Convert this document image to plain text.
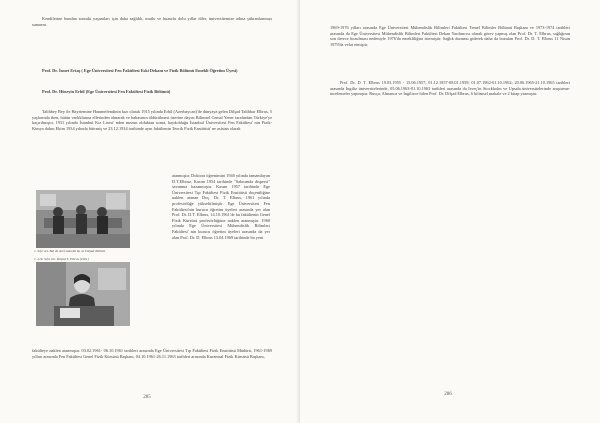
Kendilerine bundan sonraki yaşamları için daha sağlıklı, mutlu ve huzurlu dolu yıllar diler, üniversitemize adına şükranlarımızı sunarım.
Prof. Dr. İsmet Ertaş ( Ege Üniversitesi Fen Fakültesi Eski Dekanı ve Fizik Bölümü Emekli Öğretim Üyesi)
Prof. Dr. Hüseyin Erbil (Ege Üniversitesi Fen Fakültesi Fizik Bölümü)
Talihbey Bey ile Hayriemine Hanımefendinin kızı olarak 1915 yılında Erbil (Azerbaycan)'de dünyaya gelen Dilşad Talihbar Elbrus, 5 yaşlarında iken, bütün varlıklarına ellerinden alınarak ve babasının öldürülmesi üzerine dayısı Bilimsel Cemal Yener tarafından Türkiye'ye kaçırılmıştır. 1931 yılında İstanbul Kız Lisesi' nden mezun olduktan sonra, kaydolduğu İstanbul Üniversitesi Fen Fakültesi' nin Fizik-Kimya dalını Ekim 1934 yılında bitirmiş ve 23.12.1934 tarihinde aynı fakültenin Teorik Fizik Enstitüsü' ne asistan olarak
1. Sıfır set. Bal de Arel samelik bu ne Dilşad Talibelt
1. 21b. Sıfır. bir. Dilşad T. Elbrus (1961)
atanmıştır. Doktora öğrenimini 1940 yılında tamamlayan D.T.Elbruz, Kasım 1954 tarihinde "Salınımda dispersi" savunma kazanmıştır. Kasım 1957 tarihinde Ege Üniversitesi Tıp Fakültesi Fizik Enstitüsü doçentliğine naklen atanan Doç. Dr. T. Elbrus, 1961 yılında profesörlüğe yükseltilmiştir. Ege Üniversitesi Fen Fakültesi'nin kurucu öğretim üyeleri arasında yer alan Prof. Dr. D.T. Elbrus, 14.10.1961'de bu fakültenin Genel Fizik Kürsüsü profesörlüğüne naklen atanmıştır. 1960 yılında Ege Üniversitesi Mühendislik Bilimleri Fakültesi' nin kurucu öğretim üyeleri arasında da yer alan Prof. Dr. D. Elbrus 13.04.1969 tarihinde bu yeni
fakülteye naklen atanmıştır. 03.02.1961- 06.10.1961 tarihleri arasında Ege Üniversitesi Tıp Fakültesi Fizik Enstitüsü Müdürü, 1961-1969 yılları arasında Fen Fakültesi Genel Fizik Kürsüsü Başkanı, 04.10.1961-26.11.1963 tarihleri arasında Kuramsal Fizik Kürsüsü Başkanı,
285
1969-1976 yılları arasında Ege Üniversitesi Mühendislik Bilimleri Fakültesi Temel Bilimler Bölümü Başkanı ve 1973-1974 tarihleri arasında da Ege Üniversitesi Mühendislik Bilimleri Fakültesi Dekan Yardımcısı olarak görev yapmış olan Prof. Dr. T. Elbrus, sağlığının son derece bozulması nedeniyle 1976'da emekliliğini istemiştir. Sağlık durumu giderek daha da bozulan Prof. Dr. D. T. Elbrus 11 Nisan 1979'da vefat etmiştir.
Prof. Dr. D. T. Elbrus 19.03.1955 - 15.06.1957; 01.12.1957-08.01.1959; 01.07.1962-01.10.1962; 20.06.1965-21.10.1965 tarihleri arasında İngiliz üniversitelerinde, 05.06.1963-01.10.1963 tarihleri arasında da Isveç'in Stockholm ve Upsala üniversitelerinde araştırma-incelemeler yapmıştır. Rusça, Almanca ve İngilizce bilen Prof. Dr. Dilşad Elbrus, 6 bilimsel makale ve 2 kitap yazmıştır.
286
